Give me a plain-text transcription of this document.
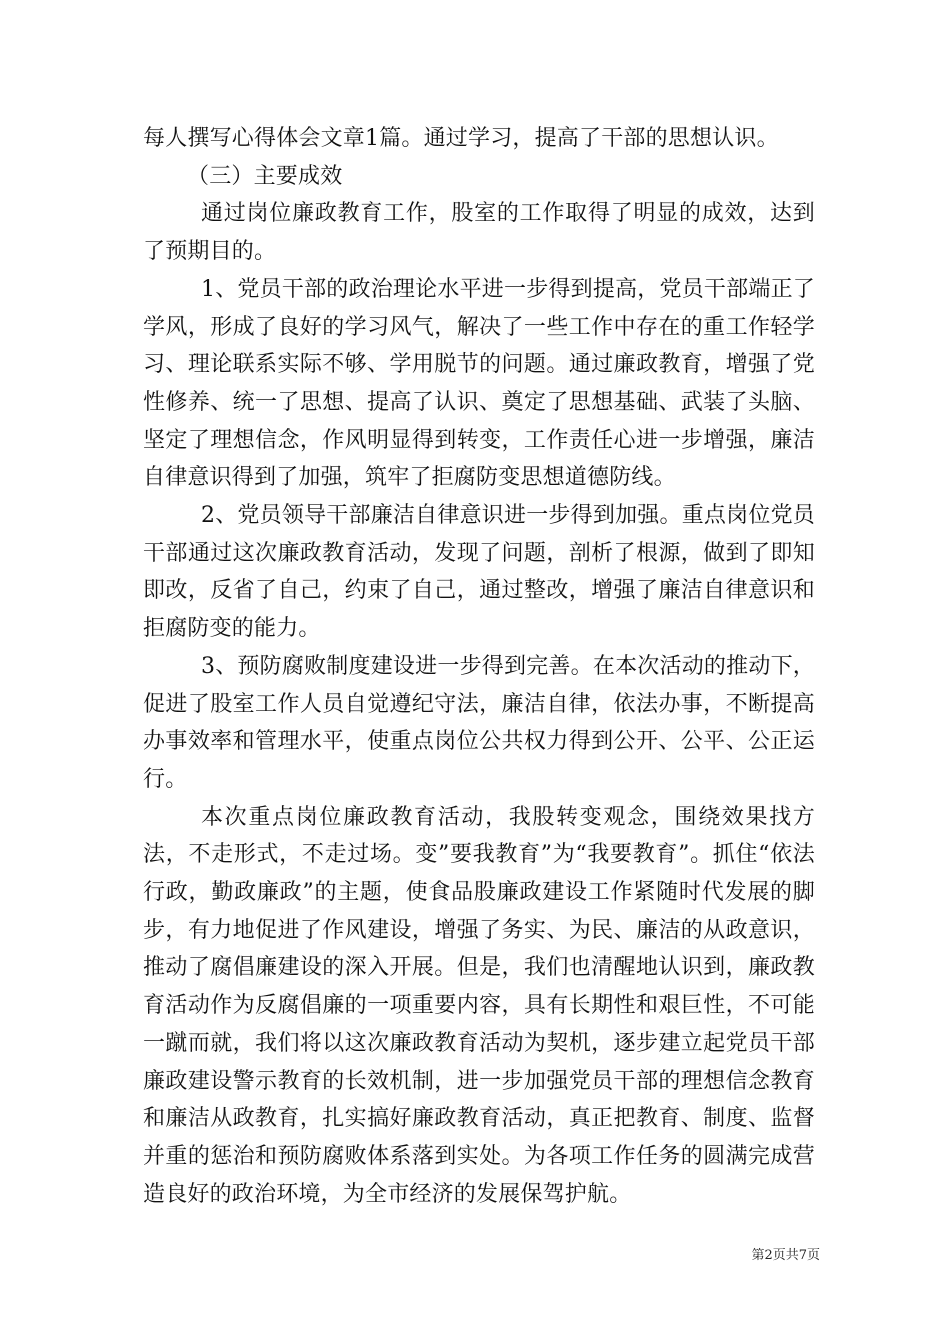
每人撰写心得体会文章1篇。通过学习，提高了干部的思想认识。

（三）主要成效

通过岗位廉政教育工作，股室的工作取得了明显的成效，达到了预期目的。

1、党员干部的政治理论水平进一步得到提高，党员干部端正了学风，形成了良好的学习风气，解决了一些工作中存在的重工作轻学习、理论联系实际不够、学用脱节的问题。通过廉政教育，增强了党性修养、统一了思想、提高了认识、奠定了思想基础、武装了头脑、坚定了理想信念，作风明显得到转变，工作责任心进一步增强，廉洁自律意识得到了加强，筑牢了拒腐防变思想道德防线。

2、党员领导干部廉洁自律意识进一步得到加强。重点岗位党员干部通过这次廉政教育活动，发现了问题，剖析了根源，做到了即知即改，反省了自己，约束了自己，通过整改，增强了廉洁自律意识和拒腐防变的能力。

3、预防腐败制度建设进一步得到完善。在本次活动的推动下，促进了股室工作人员自觉遵纪守法，廉洁自律，依法办事，不断提高办事效率和管理水平，使重点岗位公共权力得到公开、公平、公正运行。

本次重点岗位廉政教育活动，我股转变观念，围绕效果找方法，不走形式，不走过场。变”要我教育”为“我要教育”。抓住“依法行政，勤政廉政”的主题，使食品股廉政建设工作紧随时代发展的脚步，有力地促进了作风建设，增强了务实、为民、廉洁的从政意识，推动了腐倡廉建设的深入开展。但是，我们也清醒地认识到，廉政教育活动作为反腐倡廉的一项重要内容，具有长期性和艰巨性，不可能一蹴而就，我们将以这次廉政教育活动为契机，逐步建立起党员干部廉政建设警示教育的长效机制，进一步加强党员干部的理想信念教育和廉洁从政教育，扎实搞好廉政教育活动，真正把教育、制度、监督并重的惩治和预防腐败体系落到实处。为各项工作任务的圆满完成营造良好的政治环境，为全市经济的发展保驾护航。

第2页共7页
